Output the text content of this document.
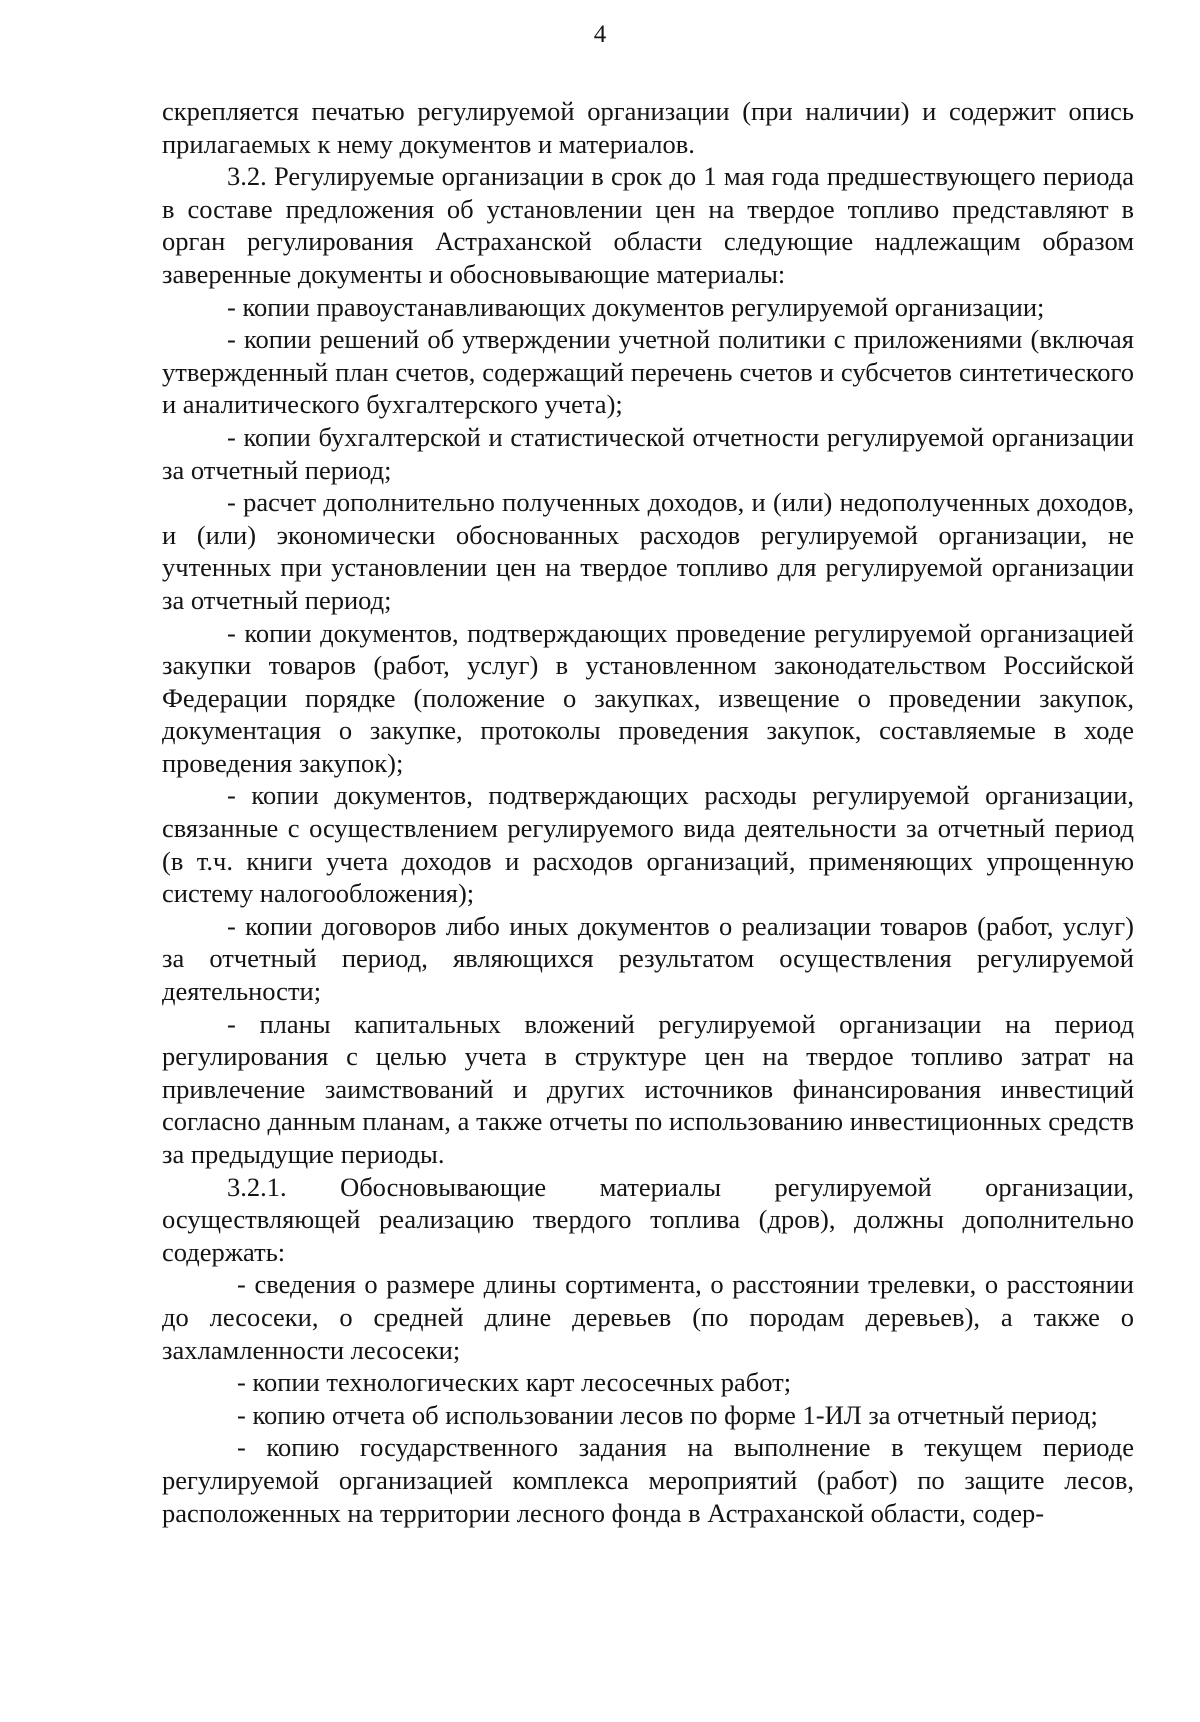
4

скрепляется печатью регулируемой организации (при наличии) и содержит опись прилагаемых к нему документов и материалов.

3.2. Регулируемые организации в срок до 1 мая года предшествующего периода в составе предложения об установлении цен на твердое топливо представляют в орган регулирования Астраханской области следующие надлежащим образом заверенные документы и обосновывающие материалы:

- копии правоустанавливающих документов регулируемой организации;

- копии решений об утверждении учетной политики с приложениями (включая утвержденный план счетов, содержащий перечень счетов и субсчетов синтетического и аналитического бухгалтерского учета);

- копии бухгалтерской и статистической отчетности регулируемой организации за отчетный период;

- расчет дополнительно полученных доходов, и (или) недополученных доходов, и (или) экономически обоснованных расходов регулируемой организации, не учтенных при установлении цен на твердое топливо для регулируемой организации за отчетный период;

- копии документов, подтверждающих проведение регулируемой организацией закупки товаров (работ, услуг) в установленном законодательством Российской Федерации порядке (положение о закупках, извещение о проведении закупок, документация о закупке, протоколы проведения закупок, составляемые в ходе проведения закупок);

- копии документов, подтверждающих расходы регулируемой организации, связанные с осуществлением регулируемого вида деятельности за отчетный период (в т.ч. книги учета доходов и расходов организаций, применяющих упрощенную систему налогообложения);

- копии договоров либо иных документов о реализации товаров (работ, услуг) за отчетный период, являющихся результатом осуществления регулируемой деятельности;

- планы капитальных вложений регулируемой организации на период регулирования с целью учета в структуре цен на твердое топливо затрат на привлечение заимствований и других источников финансирования инвестиций согласно данным планам, а также отчеты по использованию инвестиционных средств за предыдущие периоды.

3.2.1. Обосновывающие материалы регулируемой организации, осуществляющей реализацию твердого топлива (дров), должны дополнительно содержать:

- сведения о размере длины сортимента, о расстоянии трелевки, о расстоянии до лесосеки, о средней длине деревьев (по породам деревьев), а также о захламленности лесосеки;

- копии технологических карт лесосечных работ;

- копию отчета об использовании лесов по форме 1-ИЛ за отчетный период;

- копию государственного задания на выполнение в текущем периоде регулируемой организацией комплекса мероприятий (работ) по защите лесов, расположенных на территории лесного фонда в Астраханской области, содер-
